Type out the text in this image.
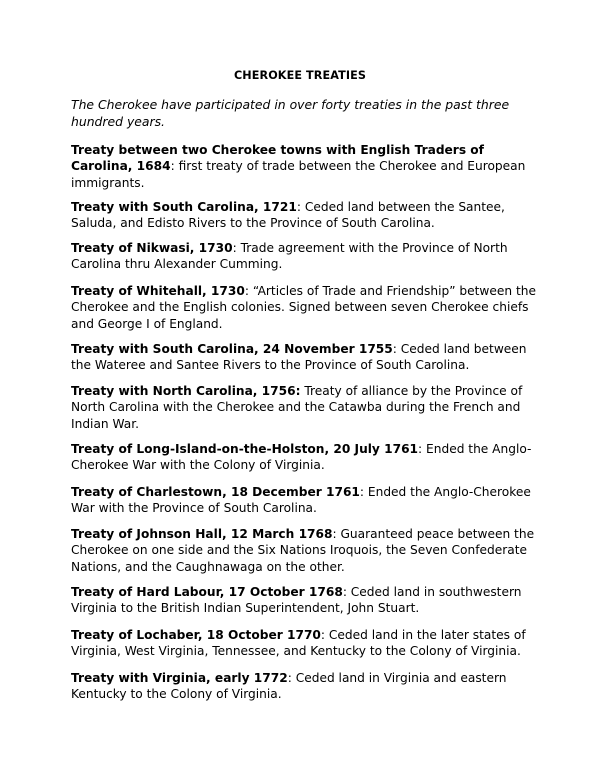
CHEROKEE TREATIES
The Cherokee have participated in over forty treaties in the past three hundred years.
Treaty between two Cherokee towns with English Traders of Carolina, 1684: first treaty of trade between the Cherokee and European immigrants.
Treaty with South Carolina, 1721: Ceded land between the Santee, Saluda, and Edisto Rivers to the Province of South Carolina.
Treaty of Nikwasi, 1730: Trade agreement with the Province of North Carolina thru Alexander Cumming.
Treaty of Whitehall, 1730: “Articles of Trade and Friendship” between the Cherokee and the English colonies. Signed between seven Cherokee chiefs and George I of England.
Treaty with South Carolina, 24 November 1755: Ceded land between the Wateree and Santee Rivers to the Province of South Carolina.
Treaty with North Carolina, 1756: Treaty of alliance by the Province of North Carolina with the Cherokee and the Catawba during the French and Indian War.
Treaty of Long-Island-on-the-Holston, 20 July 1761: Ended the Anglo-Cherokee War with the Colony of Virginia.
Treaty of Charlestown, 18 December 1761: Ended the Anglo-Cherokee War with the Province of South Carolina.
Treaty of Johnson Hall, 12 March 1768: Guaranteed peace between the Cherokee on one side and the Six Nations Iroquois, the Seven Confederate Nations, and the Caughnawaga on the other.
Treaty of Hard Labour, 17 October 1768: Ceded land in southwestern Virginia to the British Indian Superintendent, John Stuart.
Treaty of Lochaber, 18 October 1770: Ceded land in the later states of Virginia, West Virginia, Tennessee, and Kentucky to the Colony of Virginia.
Treaty with Virginia, early 1772: Ceded land in Virginia and eastern Kentucky to the Colony of Virginia.
